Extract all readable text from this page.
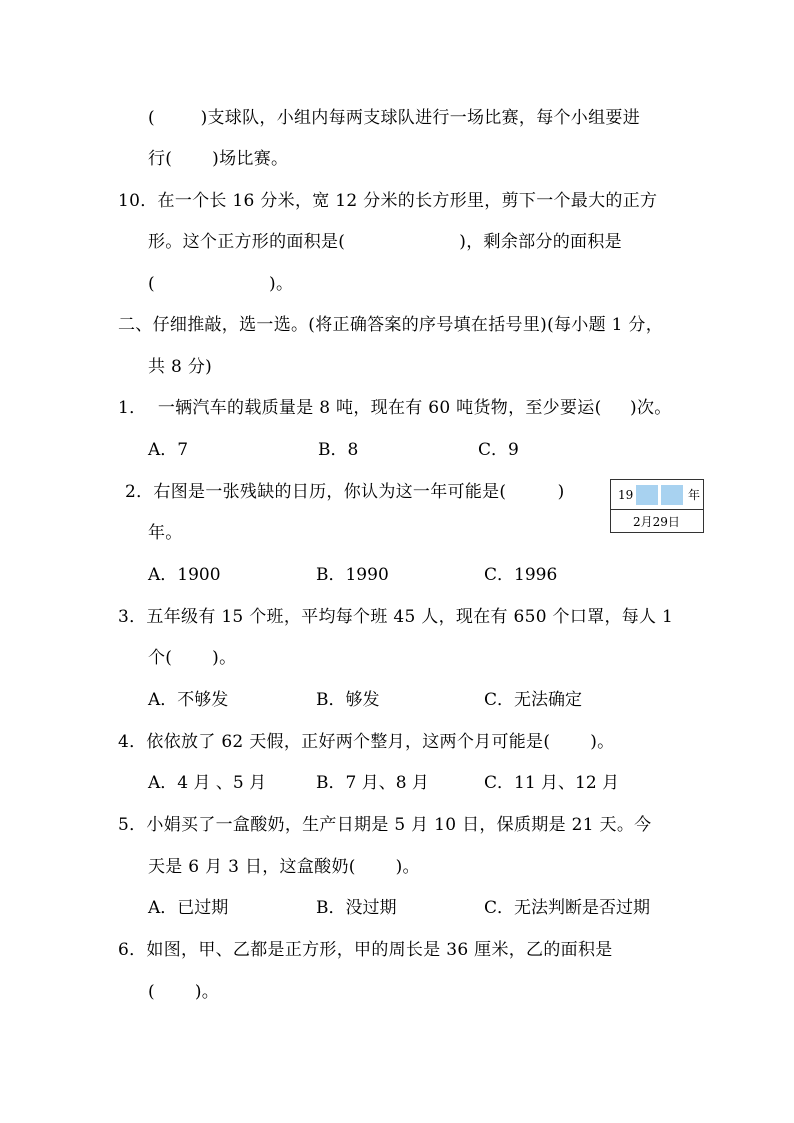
(        )支球队，小组内每两支球队进行一场比赛，每个小组要进
行(       )场比赛。
10．在一个长 16 分米，宽 12 分米的长方形里，剪下一个最大的正方
形。这个正方形的面积是(                    )，剩余部分的面积是
(                    )。
二、仔细推敲，选一选。(将正确答案的序号填在括号里)(每小题 1 分，
共 8 分)
1．  一辆汽车的载质量是 8 吨，现在有 60 吨货物，至少要运(     )次。
A．7	B．8	C．9
2．右图是一张残缺的日历，你认为这一年可能是(         )
年。
19	年
2月29日
A．1900	B．1990	C．1996
3．五年级有 15 个班，平均每个班 45 人，现在有 650 个口罩，每人 1
个(       )。
A．不够发	B．够发	C．无法确定
4．依依放了 62 天假，正好两个整月，这两个月可能是(       )。
A．4 月 、5 月	B．7 月、8 月	C．11 月、12 月
5．小娟买了一盒酸奶，生产日期是 5 月 10 日，保质期是 21 天。今
天是 6 月 3 日，这盒酸奶(       )。
A．已过期	B．没过期	C．无法判断是否过期
6．如图，甲、乙都是正方形，甲的周长是 36 厘米，乙的面积是
(       )。
